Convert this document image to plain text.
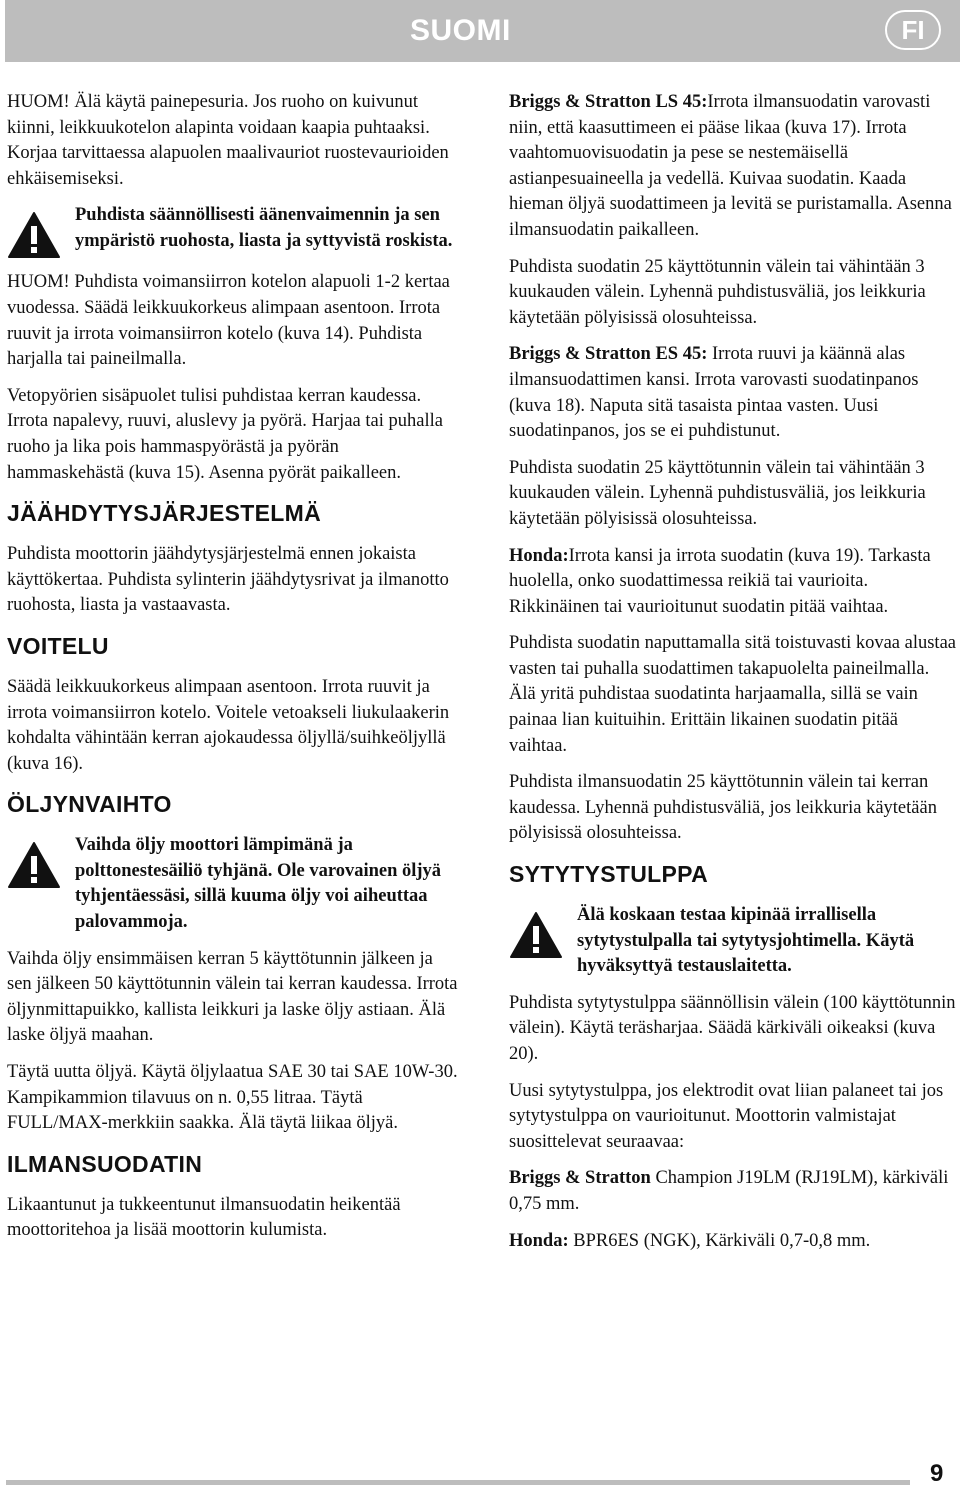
SUOMI	FI

HUOM! Älä käytä painepesuria. Jos ruoho on kuivunut kiinni, leikkuukotelon alapinta voidaan kaapia puhtaaksi. Korjaa tarvittaessa alapuolen maalivauriot ruostevaurioiden ehkäisemiseksi.

Puhdista säännöllisesti äänenvaimennin ja sen ympäristö ruohosta, liasta ja syttyvistä roskista.

HUOM! Puhdista voimansiirron kotelon alapuoli 1-2 kertaa vuodessa. Säädä leikkuukorkeus alimpaan asentoon. Irrota ruuvit ja irrota voimansiirron kotelo (kuva 14). Puhdista harjalla tai paineilmalla.

Vetopyörien sisäpuolet tulisi puhdistaa kerran kaudessa. Irrota napalevy, ruuvi, aluslevy ja pyörä. Harjaa tai puhalla ruoho ja lika pois hammaspyörästä ja pyörän hammaskehästä (kuva 15). Asenna pyörät paikalleen.

JÄÄHDYTYSJÄRJESTELMÄ

Puhdista moottorin jäähdytysjärjestelmä ennen jokaista käyttökertaa. Puhdista sylinterin jäähdytysrivat ja ilmanotto ruohosta, liasta ja vastaavasta.

VOITELU

Säädä leikkuukorkeus alimpaan asentoon. Irrota ruuvit ja irrota voimansiirron kotelo. Voitele vetoakseli liukulaakerin kohdalta vähintään kerran ajokaudessa öljyllä/suihkeöljyllä (kuva 16).

ÖLJYNVAIHTO

Vaihda öljy moottori lämpimänä ja polttonestesäiliö tyhjänä. Ole varovainen öljyä tyhjentäessäsi, sillä kuuma öljy voi aiheuttaa palovammoja.

Vaihda öljy ensimmäisen kerran 5 käyttötunnin jälkeen ja sen jälkeen 50 käyttötunnin välein tai kerran kaudessa. Irrota öljynmittapuikko, kallista leikkuri ja laske öljy astiaan. Älä laske öljyä maahan.

Täytä uutta öljyä. Käytä öljylaatua SAE 30 tai SAE 10W-30. Kampikammion tilavuus on n. 0,55 litraa. Täytä FULL/MAX-merkkiin saakka. Älä täytä liikaa öljyä.

ILMANSUODATIN

Likaantunut ja tukkeentunut ilmansuodatin heikentää moottoritehoa ja lisää moottorin kulumista.

Briggs & Stratton LS 45:Irrota ilmansuodatin varovasti niin, että kaasuttimeen ei pääse likaa (kuva 17). Irrota vaahtomuovisuodatin ja pese se nestemäisellä astianpesuaineella ja vedellä. Kuivaa suodatin. Kaada hieman öljyä suodattimeen ja levitä se puristamalla. Asenna ilmansuodatin paikalleen.

Puhdista suodatin 25 käyttötunnin välein tai vähintään 3 kuukauden välein. Lyhennä puhdistusväliä, jos leikkuria käytetään pölyisissä olosuhteissa.

Briggs & Stratton ES 45: Irrota ruuvi ja käännä alas ilmansuodattimen kansi. Irrota varovasti suodatinpanos (kuva 18). Naputa sitä tasaista pintaa vasten. Uusi suodatinpanos, jos se ei puhdistunut.

Puhdista suodatin 25 käyttötunnin välein tai vähintään 3 kuukauden välein. Lyhennä puhdistusväliä, jos leikkuria käytetään pölyisissä olosuhteissa.

Honda:Irrota kansi ja irrota suodatin (kuva 19). Tarkasta huolella, onko suodattimessa reikiä tai vaurioita. Rikkinäinen tai vaurioitunut suodatin pitää vaihtaa.

Puhdista suodatin naputtamalla sitä toistuvasti kovaa alustaa vasten tai puhalla suodattimen takapuolelta paineilmalla. Älä yritä puhdistaa suodatinta harjaamalla, sillä se vain painaa lian kuituihin. Erittäin likainen suodatin pitää vaihtaa.

Puhdista ilmansuodatin 25 käyttötunnin välein tai kerran kaudessa. Lyhennä puhdistusväliä, jos leikkuria käytetään pölyisissä olosuhteissa.

SYTYTYSTULPPA

Älä koskaan testaa kipinää irrallisella sytytystulpalla tai sytytysjohtimella. Käytä hyväksyttyä testauslaitetta.

Puhdista sytytystulppa säännöllisin välein (100 käyttötunnin välein). Käytä teräsharjaa. Säädä kärkiväli oikeaksi (kuva 20).

Uusi sytytystulppa, jos elektrodit ovat liian palaneet tai jos sytytystulppa on vaurioitunut. Moottorin valmistajat suosittelevat seuraavaa:

Briggs & Stratton Champion J19LM (RJ19LM), kärkiväli 0,75 mm.

Honda: BPR6ES (NGK), Kärkiväli 0,7-0,8 mm.

9
